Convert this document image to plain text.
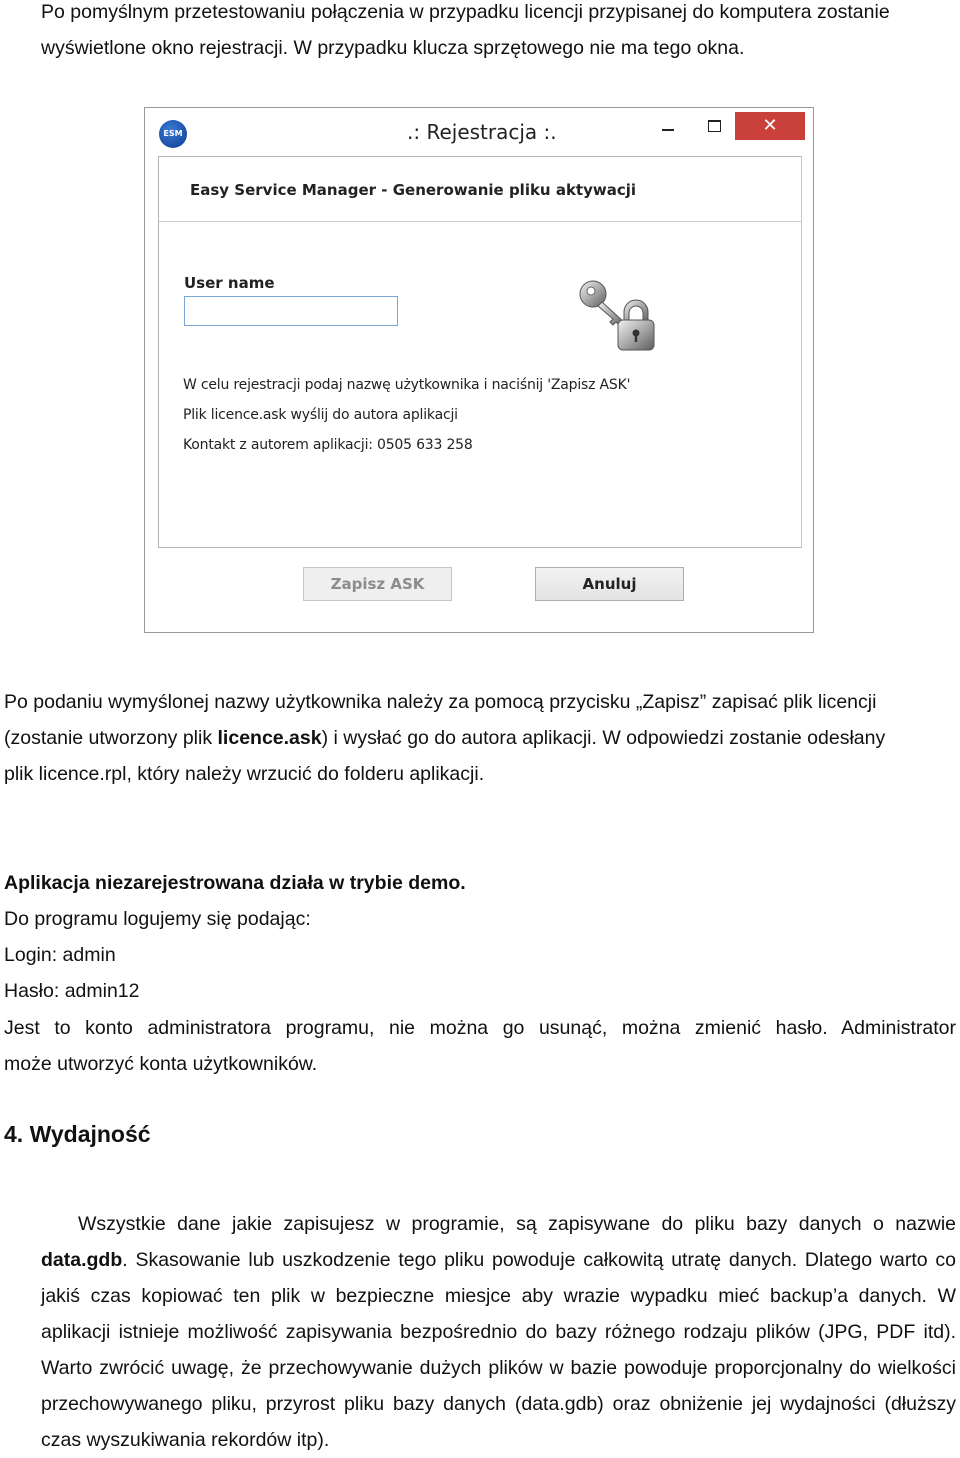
Po pomyślnym przetestowaniu połączenia w przypadku licencji przypisanej do komputera zostanie

wyświetlone okno rejestracji. W przypadku klucza sprzętowego nie ma tego okna.

ESM	.: Rejestracja :.	✕
Easy Service Manager - Generowanie pliku aktywacji
User name
W celu rejestracji podaj nazwę użytkownika i naciśnij 'Zapisz ASK'
Plik licence.ask wyślij do autora aplikacji
Kontakt z autorem aplikacji: 0505 633 258
Zapisz ASK	Anuluj

Po podaniu wymyślonej nazwy użytkownika należy za pomocą przycisku „Zapisz” zapisać plik licencji

(zostanie utworzony plik licence.ask) i wysłać go do autora aplikacji. W odpowiedzi zostanie odesłany

plik licence.rpl, który należy wrzucić do folderu aplikacji.

Aplikacja niezarejestrowana działa w trybie demo.

Do programu logujemy się podając:

Login: admin

Hasło: admin12

Jest to konto administratora programu, nie można go usunąć, można zmienić hasło. Administrator

może utworzyć konta użytkowników.

4. Wydajność

Wszystkie dane jakie zapisujesz w programie, są zapisywane do pliku bazy danych o nazwie

data.gdb. Skasowanie lub uszkodzenie tego pliku powoduje całkowitą utratę danych. Dlatego warto co jakiś czas kopiować ten plik w bezpieczne miesjce aby wrazie wypadku mieć backup’a danych. W aplikacji istnieje możliwość zapisywania bezpośrednio do bazy różnego rodzaju plików (JPG, PDF itd). Warto zwrócić uwagę, że przechowywanie dużych plików w bazie powoduje proporcjonalny do wielkości przechowywanego pliku, przyrost pliku bazy danych (data.gdb) oraz obniżenie jej wydajności (dłuższy czas wyszukiwania rekordów itp).
